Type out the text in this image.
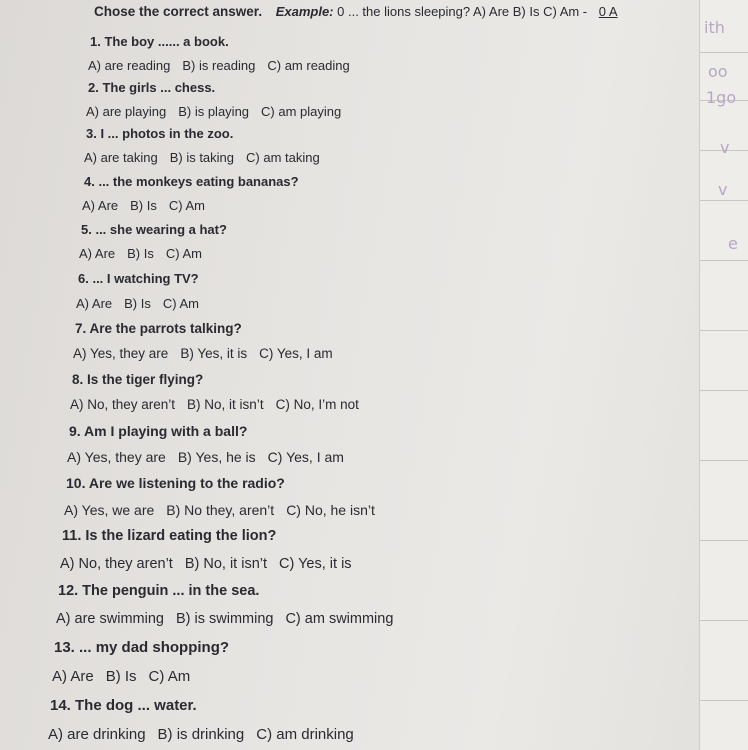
Chose the correct answer. Example: 0 ... the lions sleeping? A) Are B) Is C) Am - 0 A
1. The boy ...... a book.
A) are reading B) is reading C) am reading
2. The girls ... chess.
A) are playing B) is playing C) am playing
3. I ... photos in the zoo.
A) are taking B) is taking C) am taking
4. ... the monkeys eating bananas?
A) Are B) Is C) Am
5. ... she wearing a hat?
A) Are B) Is C) Am
6. ... I watching TV?
A) Are B) Is C) Am
7. Are the parrots talking?
A) Yes, they are B) Yes, it is C) Yes, I am
8. Is the tiger flying?
A) No, they aren’t B) No, it isn’t C) No, I’m not
9. Am I playing with a ball?
A) Yes, they are B) Yes, he is C) Yes, I am
10. Are we listening to the radio?
A) Yes, we are B) No they, aren’t C) No, he isn’t
11. Is the lizard eating the lion?
A) No, they aren’t B) No, it isn’t C) Yes, it is
12. The penguin ... in the sea.
A) are swimming B) is swimming C) am swimming
13. ... my dad shopping?
A) Are B) Is C) Am
14. The dog ... water.
A) are drinking B) is drinking C) am drinking
ith
oo
1go
v
v
e
